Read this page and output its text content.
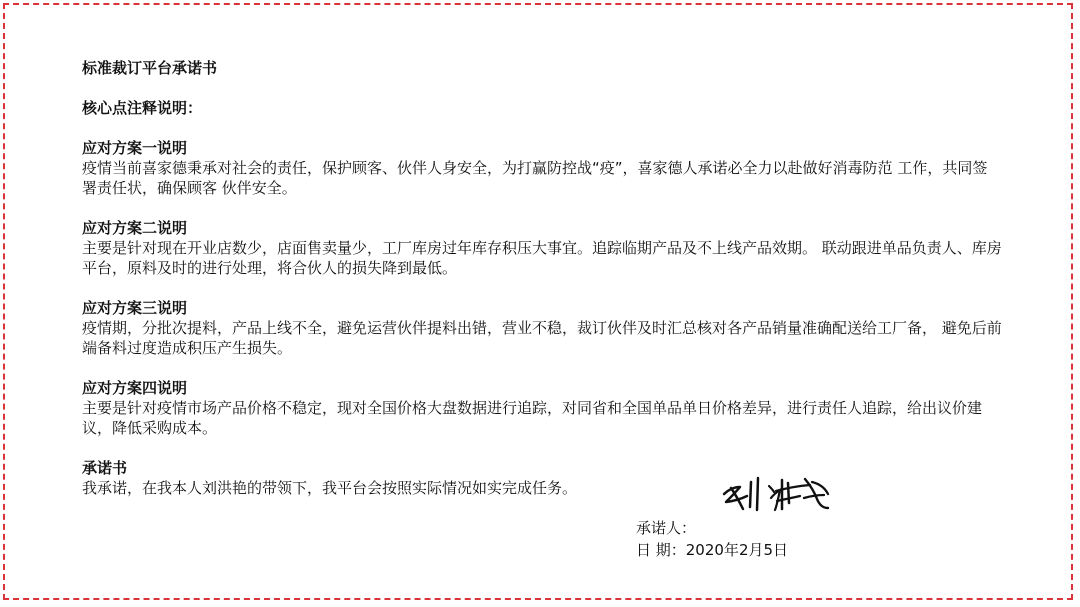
标准裁订平台承诺书
核心点注释说明：
应对方案一说明

疫情当前喜家德秉承对社会的责任，保护顾客、伙伴人身安全，为打赢防控战“疫”，喜家德人承诺必全力以赴做好消毒防范 工作，共同签署责任状，确保顾客 伙伴安全。

应对方案二说明

主要是针对现在开业店数少，店面售卖量少，工厂库房过年库存积压大事宜。追踪临期产品及不上线产品效期。 联动跟进单品负责人、库房平台，原料及时的进行处理，将合伙人的损失降到最低。

应对方案三说明

疫情期，分批次提料，产品上线不全，避免运营伙伴提料出错，营业不稳，裁订伙伴及时汇总核对各产品销量准确配送给工厂备， 避免后前端备料过度造成积压产生损失。

应对方案四说明

主要是针对疫情市场产品价格不稳定，现对全国价格大盘数据进行追踪，对同省和全国单品单日价格差异，进行责任人追踪，给出议价建议，降低采购成本。

承诺书

我承诺，在我本人刘洪艳的带领下，我平台会按照实际情况如实完成任务。

承诺人：
日 期：2020年2月5日
